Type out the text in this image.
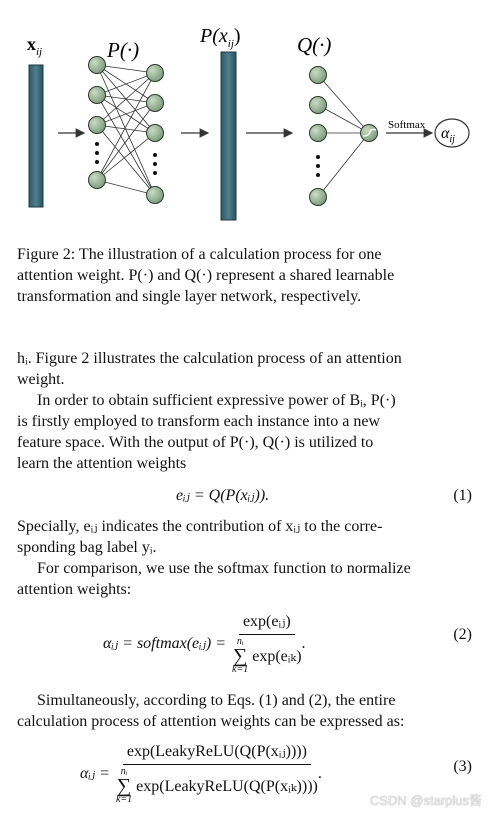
$x_{ij}$	P(·)
$P(x_{ij})$	Q(·)
Softmax $\alpha_{ij}$
Figure 2: The illustration of a calculation process for one
attention weight. P(·) and Q(·) represent a shared learnable
transformation and single layer network, respectively.
hᵢ. Figure 2 illustrates the calculation process of an attention
weight.
In order to obtain sufficient expressive power of Bᵢ, P(·)
is firstly employed to transform each instance into a new
feature space. With the output of P(·), Q(·) is utilized to
learn the attention weights
eᵢⱼ = Q(P(xᵢⱼ)).	(1)
Specially, eᵢⱼ indicates the contribution of xᵢⱼ to the corre-
sponding bag label yᵢ.
For comparison, we use the softmax function to normalize
attention weights:
αᵢⱼ = softmax(eᵢⱼ) = exp(eᵢⱼ)
nᵢ
∑
k=1
exp(eᵢₖ) .	(2)
Simultaneously, according to Eqs. (1) and (2), the entire
calculation process of attention weights can be expressed as:
αᵢⱼ = exp(LeakyReLU(Q(P(xᵢⱼ))))
nᵢ
∑
k=1
exp(LeakyReLU(Q(P(xᵢₖ)))) .	(3)
CSDN @starplus酱
